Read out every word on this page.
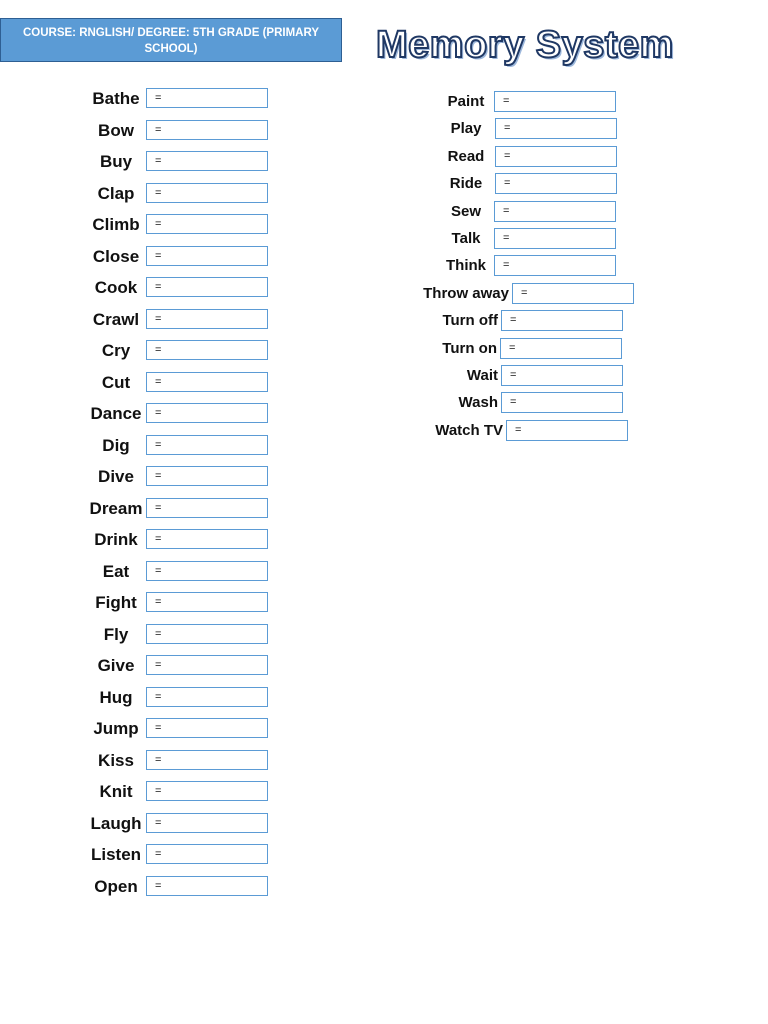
COURSE: RNGLISH/ DEGREE: 5TH GRADE (PRIMARY SCHOOL)	Memory System
Bathe	=
Bow	=
Buy	=
Clap	=
Climb	=
Close	=
Cook	=
Crawl	=
Cry	=
Cut	=
Dance	=
Dig	=
Dive	=
Dream	=
Drink	=
Eat	=
Fight	=
Fly	=
Give	=
Hug	=
Jump	=
Kiss	=
Knit	=
Laugh	=
Listen	=
Open	=
Paint	=
Play	=
Read	=
Ride	=
Sew	=
Talk	=
Think	=
Throw away	=
Turn off	=
Turn on	=
Wait	=
Wash	=
Watch TV	=
